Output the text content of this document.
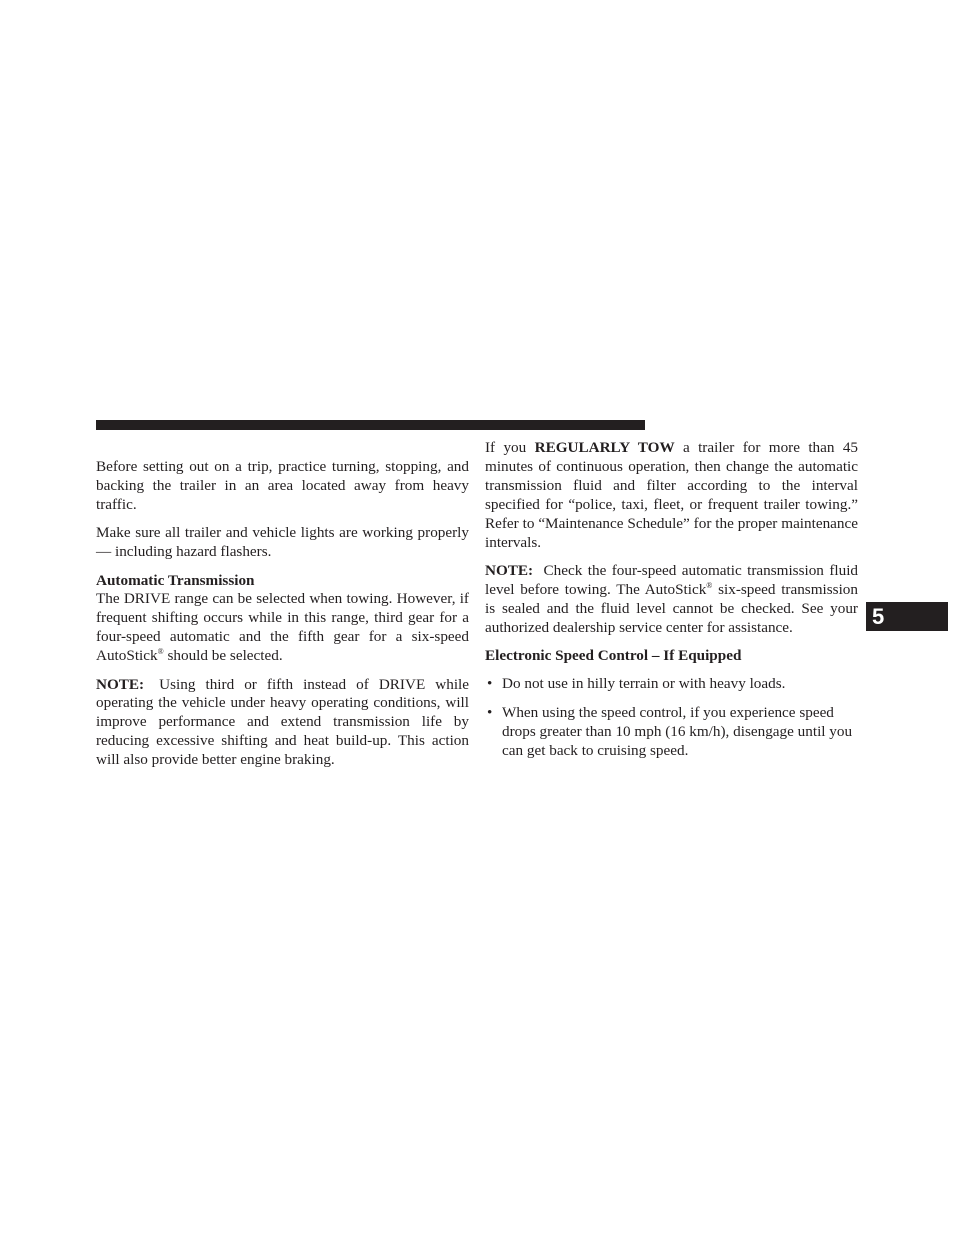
Before setting out on a trip, practice turning, stopping, and backing the trailer in an area located away from heavy traffic.

Make sure all trailer and vehicle lights are working properly — including hazard flashers.

Automatic Transmission

The DRIVE range can be selected when towing. However, if frequent shifting occurs while in this range, third gear for a four-speed automatic and the fifth gear for a six-speed AutoStick® should be selected.

NOTE: Using third or fifth instead of DRIVE while operating the vehicle under heavy operating conditions, will improve performance and extend transmission life by reducing excessive shifting and heat build-up. This action will also provide better engine braking.

If you REGULARLY TOW a trailer for more than 45 minutes of continuous operation, then change the automatic transmission fluid and filter according to the interval specified for “police, taxi, fleet, or frequent trailer towing.” Refer to “Maintenance Schedule” for the proper maintenance intervals.

NOTE: Check the four-speed automatic transmission fluid level before towing. The AutoStick® six-speed transmission is sealed and the fluid level cannot be checked. See your authorized dealership service center for assistance.

Electronic Speed Control – If Equipped
• Do not use in hilly terrain or with heavy loads.
• When using the speed control, if you experience speed drops greater than 10 mph (16 km/h), disengage until you can get back to cruising speed.
5
